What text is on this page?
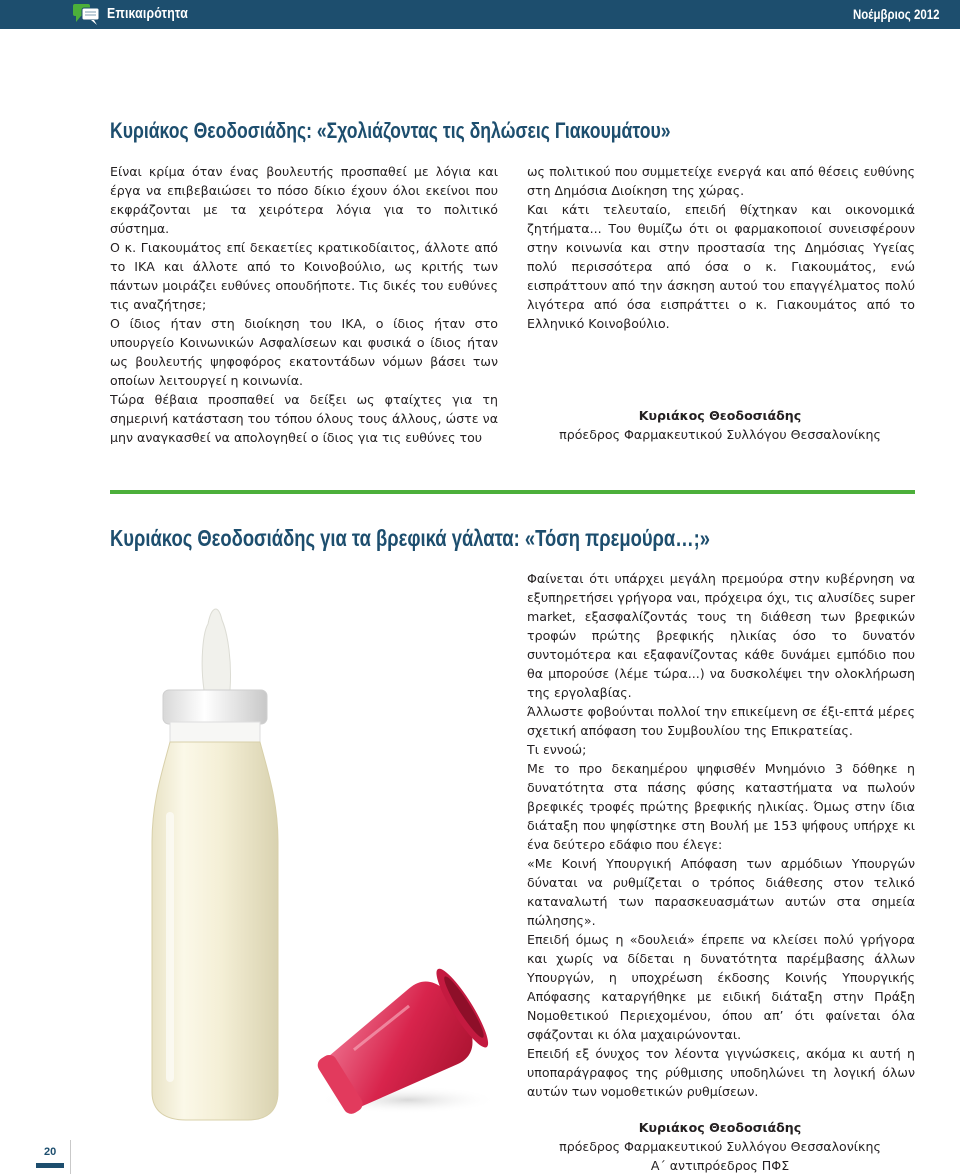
Επικαιρότητα	Νοέμβριος 2012
Κυριάκος Θεοδοσιάδης: «Σχολιάζοντας τις δηλώσεις Γιακουμάτου»

Είναι κρίμα όταν ένας βουλευτής προσπαθεί με λόγια και έργα να επιβεβαιώσει το πόσο δίκιο έχουν όλοι εκείνοι που εκφράζονται με τα χειρότερα λόγια για το πολιτικό σύστημα.

Ο κ. Γιακουμάτος επί δεκαετίες κρατικοδίαιτος, άλλοτε από το ΙΚΑ και άλλοτε από το Κοινοβούλιο, ως κριτής των πάντων μοιράζει ευθύνες οπουδήποτε. Τις δικές του ευθύνες τις αναζήτησε;

Ο ίδιος ήταν στη διοίκηση του ΙΚΑ, ο ίδιος ήταν στο υπουργείο Κοινωνικών Ασφαλίσεων και φυσικά ο ίδιος ήταν ως βουλευτής ψηφοφόρος εκατοντάδων νόμων βάσει των οποίων λειτουργεί η κοινωνία.

Τώρα θέβαια προσπαθεί να δείξει ως φταίχτες για τη σημερινή κατάσταση του τόπου όλους τους άλλους, ώστε να μην αναγκασθεί να απολογηθεί ο ίδιος για τις ευθύνες του

ως πολιτικού που συμμετείχε ενεργά και από θέσεις ευθύνης στη Δημόσια Διοίκηση της χώρας.

Και κάτι τελευταίο, επειδή θίχτηκαν και οικονομικά ζητήματα... Του θυμίζω ότι οι φαρμακοποιοί συνεισφέρουν στην κοινωνία και στην προστασία της Δημόσιας Υγείας πολύ περισσότερα από όσα ο κ. Γιακουμάτος, ενώ εισπράττουν από την άσκηση αυτού του επαγγέλματος πολύ λιγότερα από όσα εισπράττει ο κ. Γιακουμάτος από το Ελληνικό Κοινοβούλιο.

Κυριάκος Θεοδοσιάδης
πρόεδρος Φαρμακευτικού Συλλόγου Θεσσαλονίκης
Κυριάκος Θεοδοσιάδης για τα βρεφικά γάλατα: «Τόση πρεμούρα…;»

Φαίνεται ότι υπάρχει μεγάλη πρεμούρα στην κυβέρνηση να εξυπηρετήσει γρήγορα ναι, πρόχειρα όχι, τις αλυσίδες super market, εξασφαλίζοντάς τους τη διάθεση των βρεφικών τροφών πρώτης βρεφικής ηλικίας όσο το δυνατόν συντομότερα και εξαφανίζοντας κάθε δυνάμει εμπόδιο που θα μπορούσε (λέμε τώρα...) να δυσκολέψει την ολοκλήρωση της εργολαβίας.

Άλλωστε φοβούνται πολλοί την επικείμενη σε έξι-επτά μέρες σχετική απόφαση του Συμβουλίου της Επικρατείας.

Τι εννοώ;

Με το προ δεκαημέρου ψηφισθέν Μνημόνιο 3 δόθηκε η δυνατότητα στα πάσης φύσης καταστήματα να πωλούν βρεφικές τροφές πρώτης βρεφικής ηλικίας. Όμως στην ίδια διάταξη που ψηφίστηκε στη Βουλή με 153 ψήφους υπήρχε κι ένα δεύτερο εδάφιο που έλεγε:

«Με Κοινή Υπουργική Απόφαση των αρμόδιων Υπουργών δύναται να ρυθμίζεται ο τρόπος διάθεσης στον τελικό καταναλωτή των παρασκευασμάτων αυτών στα σημεία πώλησης».

Επειδή όμως η «δουλειά» έπρεπε να κλείσει πολύ γρήγορα και χωρίς να δίδεται η δυνατότητα παρέμβασης άλλων Υπουργών, η υποχρέωση έκδοσης Κοινής Υπουργικής Απόφασης καταργήθηκε με ειδική διάταξη στην Πράξη Νομοθετικού Περιεχομένου, όπου απ’ ότι φαίνεται όλα σφάζονται κι όλα μαχαιρώνονται.

Επειδή εξ όνυχος τον λέοντα γιγνώσκεις, ακόμα κι αυτή η υποπαράγραφος της ρύθμισης υποδηλώνει τη λογική όλων αυτών των νομοθετικών ρυθμίσεων.

Κυριάκος Θεοδοσιάδης
πρόεδρος Φαρμακευτικού Συλλόγου Θεσσαλονίκης
Α΄ αντιπρόεδρος ΠΦΣ
20
